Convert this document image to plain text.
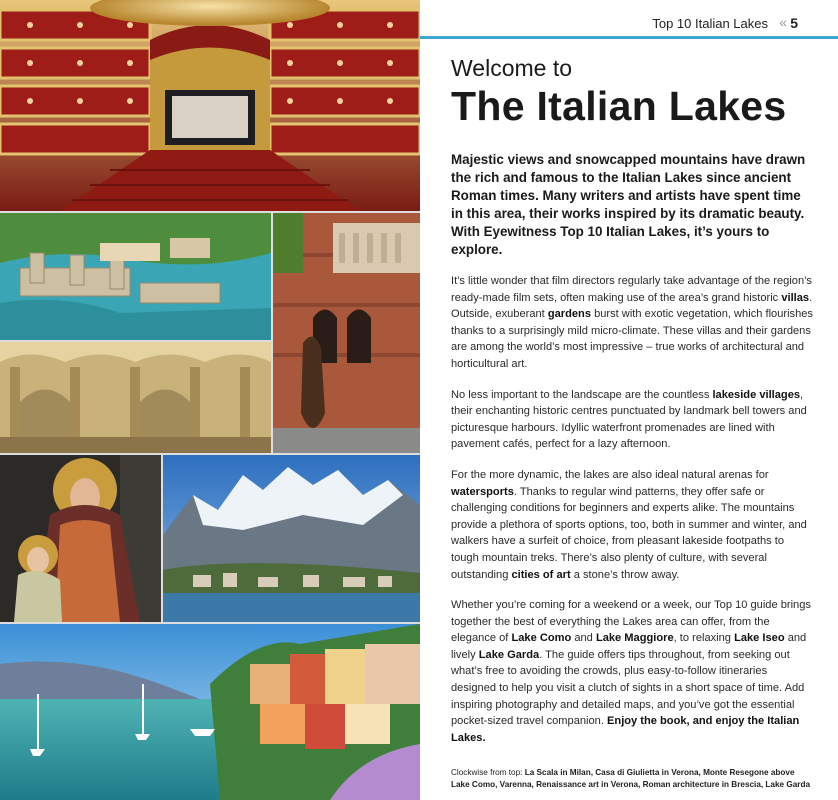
Top 10 Italian Lakes « 5
Welcome to
The Italian Lakes
Majestic views and snowcapped mountains have drawn the rich and famous to the Italian Lakes since ancient Roman times. Many writers and artists have spent time in this area, their works inspired by its dramatic beauty. With Eyewitness Top 10 Italian Lakes, it’s yours to explore.
It’s little wonder that film directors regularly take advantage of the region’s ready-made film sets, often making use of the area’s grand historic villas. Outside, exuberant gardens burst with exotic vegetation, which flourishes thanks to a surprisingly mild micro-climate. These villas and their gardens are among the world’s most impressive – true works of architectural and horticultural art.
No less important to the landscape are the countless lakeside villages, their enchanting historic centres punctuated by landmark bell towers and picturesque harbours. Idyllic waterfront promenades are lined with pavement cafés, perfect for a lazy afternoon.
For the more dynamic, the lakes are also ideal natural arenas for watersports. Thanks to regular wind patterns, they offer safe or challenging conditions for beginners and experts alike. The mountains provide a plethora of sports options, too, both in summer and winter, and walkers have a surfeit of choice, from pleasant lakeside footpaths to tough mountain treks. There’s also plenty of culture, with several outstanding cities of art a stone’s throw away.
Whether you’re coming for a weekend or a week, our Top 10 guide brings together the best of everything the Lakes area can offer, from the elegance of Lake Como and Lake Maggiore, to relaxing Lake Iseo and lively Lake Garda. The guide offers tips throughout, from seeking out what’s free to avoiding the crowds, plus easy-to-follow itineraries designed to help you visit a clutch of sights in a short space of time. Add inspiring photography and detailed maps, and you’ve got the essential pocket-sized travel companion. Enjoy the book, and enjoy the Italian Lakes.
Clockwise from top: La Scala in Milan, Casa di Giulietta in Verona, Monte Resegone above Lake Como, Varenna, Renaissance art in Verona, Roman architecture in Brescia, Lake Garda
